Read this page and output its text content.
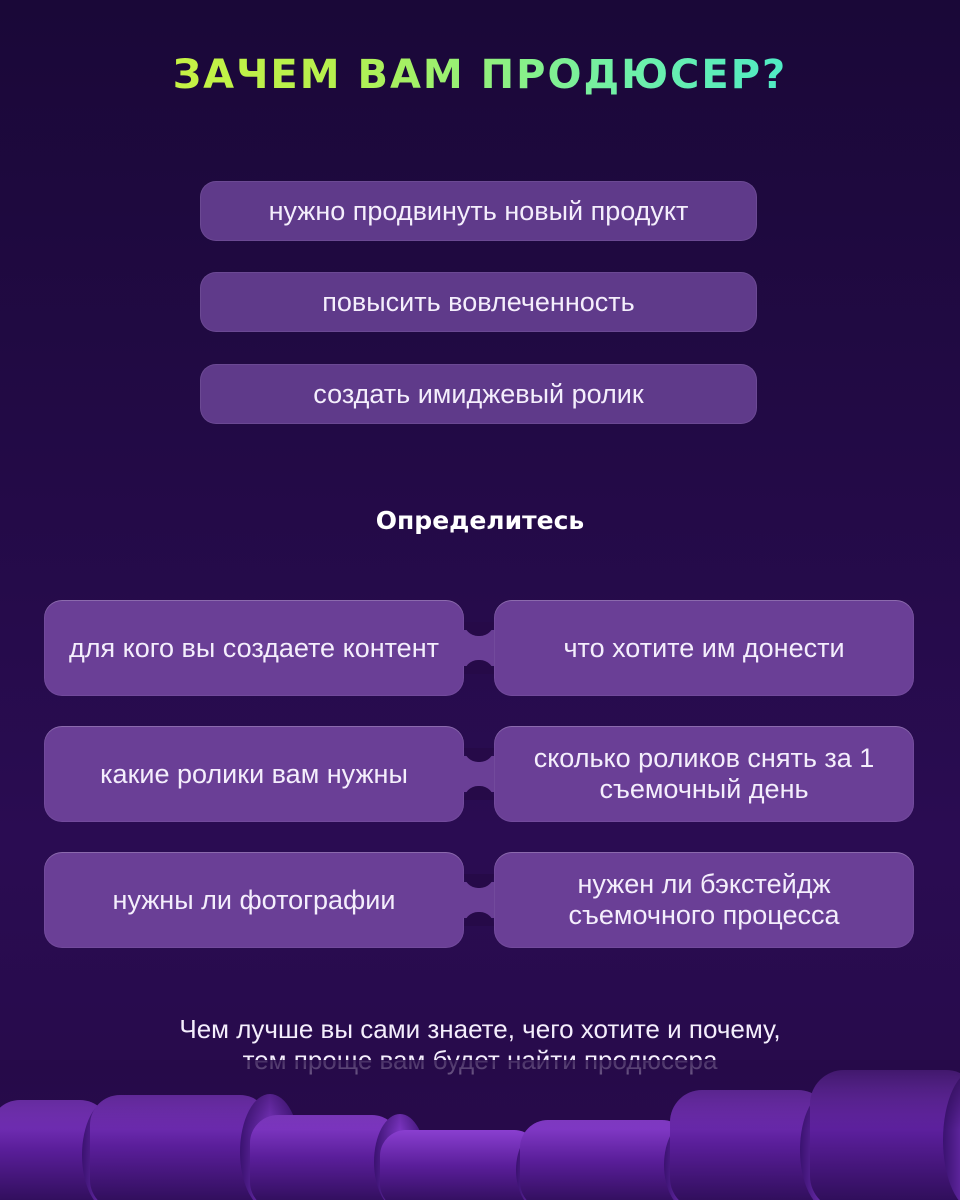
ЗАЧЕМ ВАМ ПРОДЮСЕР?
нужно продвинуть новый продукт
повысить вовлеченность
создать имиджевый ролик
Определитесь
для кого вы создаете контент	что хотите им донести
какие ролики вам нужны
сколько роликов снять за 1 съемочный день
нужны ли фотографии
нужен ли бэкстейдж съемочного процесса
Чем лучше вы сами знаете, чего хотите и почему,
